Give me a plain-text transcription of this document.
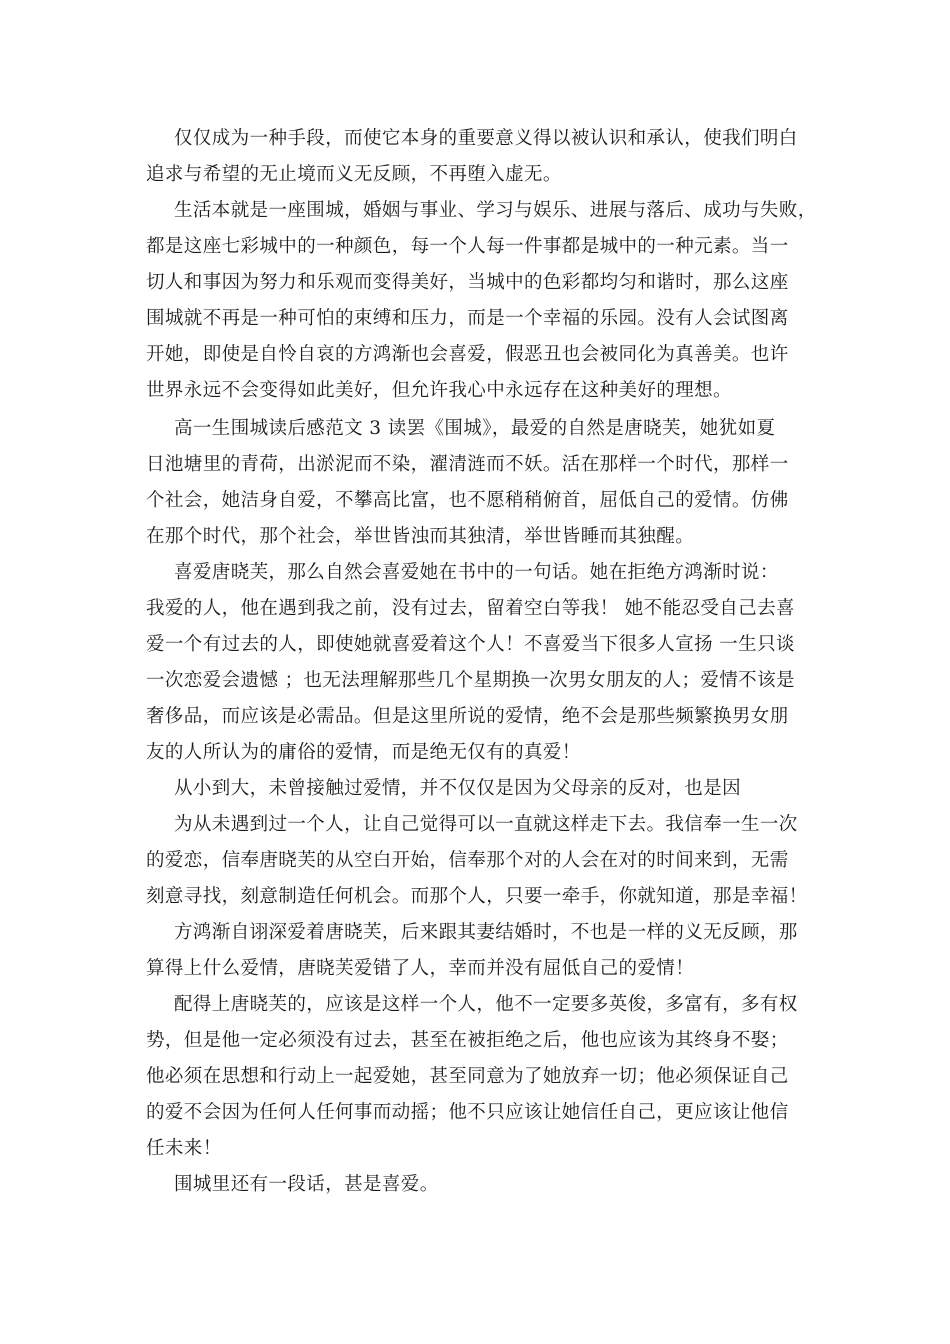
仅仅成为一种手段，而使它本身的重要意义得以被认识和承认，使我们明白

追求与希望的无止境而义无反顾，不再堕入虚无。

生活本就是一座围城，婚姻与事业、学习与娱乐、进展与落后、成功与失败，

都是这座七彩城中的一种颜色，每一个人每一件事都是城中的一种元素。当一

切人和事因为努力和乐观而变得美好，当城中的色彩都均匀和谐时，那么这座

围城就不再是一种可怕的束缚和压力，而是一个幸福的乐园。没有人会试图离

开她，即使是自怜自哀的方鸿渐也会喜爱，假恶丑也会被同化为真善美。也许

世界永远不会变得如此美好，但允许我心中永远存在这种美好的理想。

高一生围城读后感范文 3 读罢《围城》，最爱的自然是唐晓芙，她犹如夏

日池塘里的青荷，出淤泥而不染，濯清涟而不妖。活在那样一个时代，那样一

个社会，她洁身自爱，不攀高比富，也不愿稍稍俯首，屈低自己的爱情。仿佛

在那个时代，那个社会，举世皆浊而其独清，举世皆睡而其独醒。

喜爱唐晓芙，那么自然会喜爱她在书中的一句话。她在拒绝方鸿渐时说：

我爱的人，他在遇到我之前，没有过去，留着空白等我！ 她不能忍受自己去喜

爱一个有过去的人，即使她就喜爱着这个人！不喜爱当下很多人宣扬 一生只谈

一次恋爱会遗憾 ；也无法理解那些几个星期换一次男女朋友的人；爱情不该是

奢侈品，而应该是必需品。但是这里所说的爱情，绝不会是那些频繁换男女朋

友的人所认为的庸俗的爱情，而是绝无仅有的真爱！

从小到大，未曾接触过爱情，并不仅仅是因为父母亲的反对，也是因

为从未遇到过一个人，让自己觉得可以一直就这样走下去。我信奉一生一次

的爱恋，信奉唐晓芙的从空白开始，信奉那个对的人会在对的时间来到，无需

刻意寻找，刻意制造任何机会。而那个人，只要一牵手，你就知道，那是幸福！

方鸿渐自诩深爱着唐晓芙，后来跟其妻结婚时，不也是一样的义无反顾，那

算得上什么爱情，唐晓芙爱错了人，幸而并没有屈低自己的爱情！

配得上唐晓芙的，应该是这样一个人，他不一定要多英俊，多富有，多有权

势，但是他一定必须没有过去，甚至在被拒绝之后，他也应该为其终身不娶；

他必须在思想和行动上一起爱她，甚至同意为了她放弃一切；他必须保证自己

的爱不会因为任何人任何事而动摇；他不只应该让她信任自己，更应该让他信

任未来！

围城里还有一段话，甚是喜爱。
